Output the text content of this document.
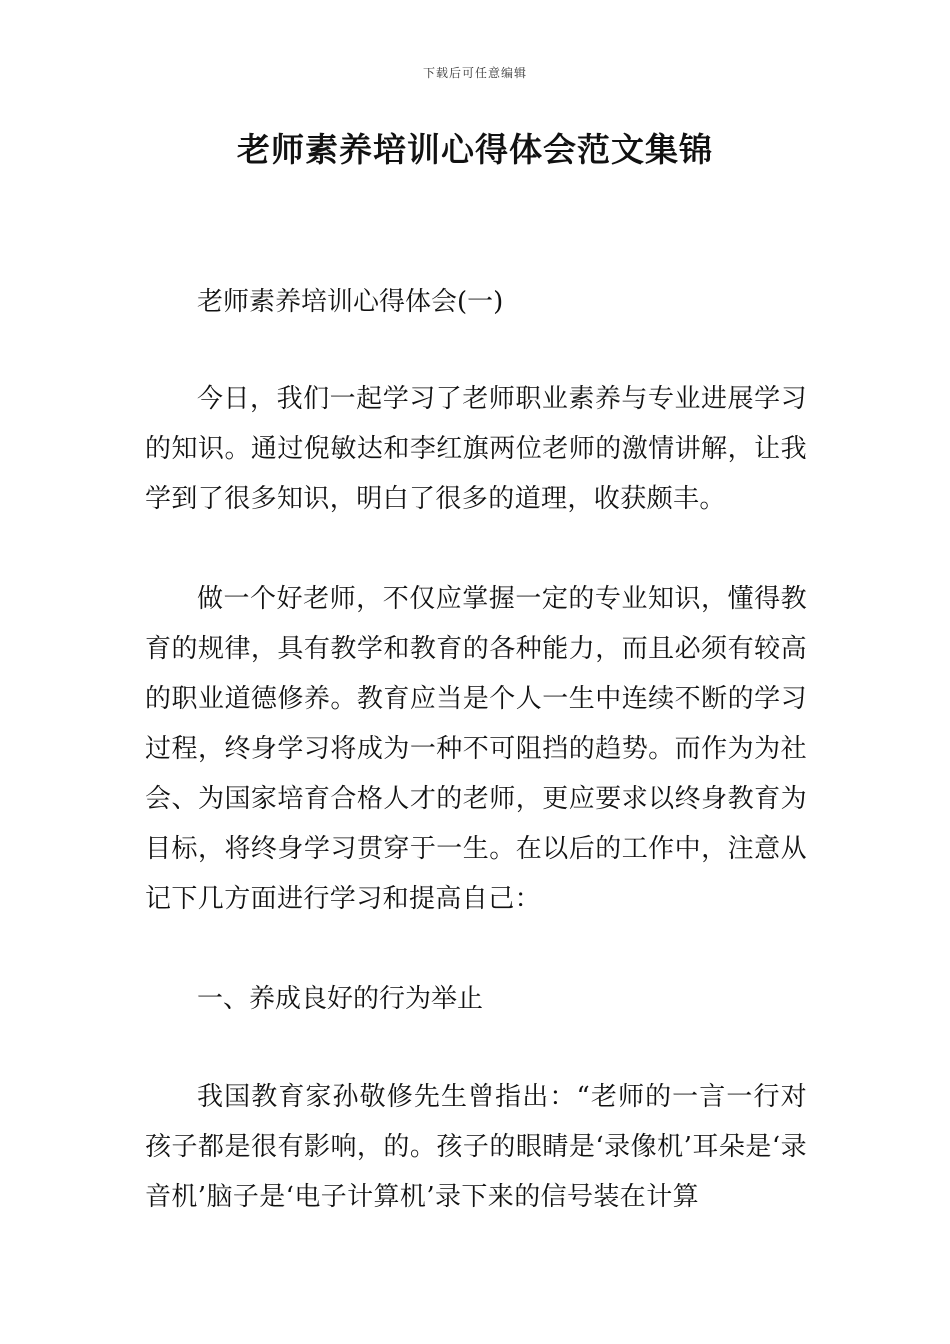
下载后可任意编辑
老师素养培训心得体会范文集锦

老师素养培训心得体会(一)

今日，我们一起学习了老师职业素养与专业进展学习的知识。通过倪敏达和李红旗两位老师的激情讲解，让我学到了很多知识，明白了很多的道理，收获颇丰。

做一个好老师，不仅应掌握一定的专业知识，懂得教育的规律，具有教学和教育的各种能力，而且必须有较高的职业道德修养。教育应当是个人一生中连续不断的学习过程，终身学习将成为一种不可阻挡的趋势。而作为为社会、为国家培育合格人才的老师，更应要求以终身教育为目标，将终身学习贯穿于一生。在以后的工作中，注意从记下几方面进行学习和提高自己：

一、养成良好的行为举止

我国教育家孙敬修先生曾指出：“老师的一言一行对孩子都是很有影响，的。孩子的眼睛是‘录像机’耳朵是‘录音机’脑子是‘电子计算机’录下来的信号装在计算
